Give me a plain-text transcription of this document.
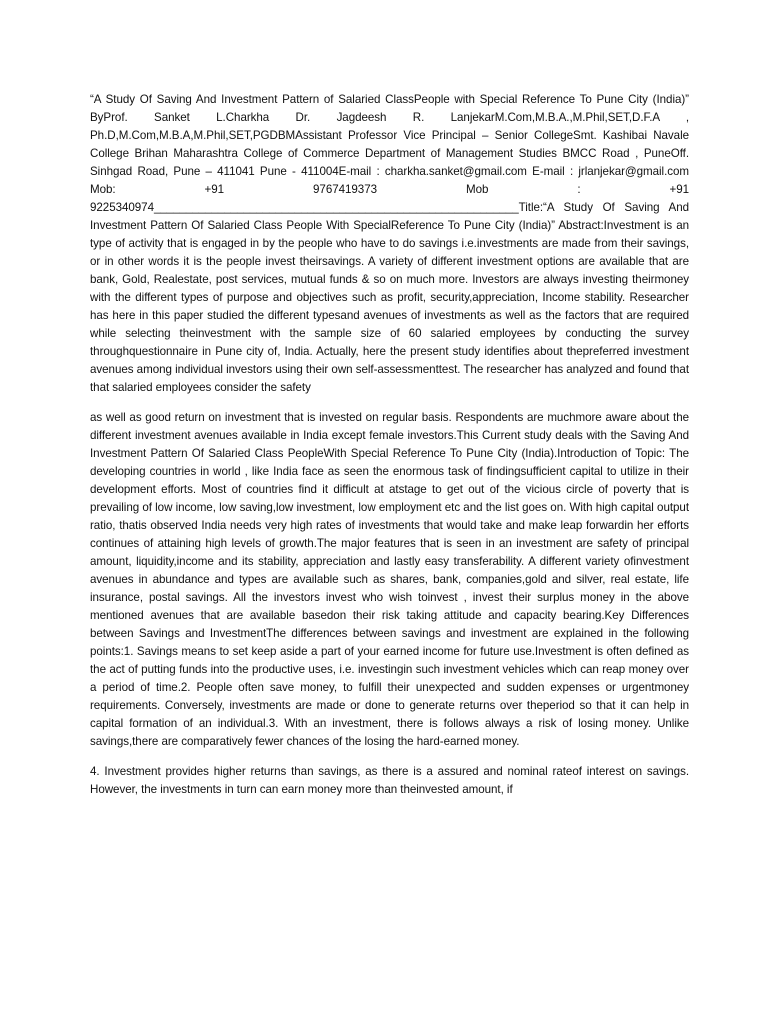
“A Study Of Saving And Investment Pattern of Salaried ClassPeople with Special Reference To Pune City (India)” ByProf. Sanket L.Charkha Dr. Jagdeesh R. LanjekarM.Com,M.B.A.,M.Phil,SET,D.F.A , Ph.D,M.Com,M.B.A,M.Phil,SET,PGDBMAssistant Professor Vice Principal – Senior CollegeSmt. Kashibai Navale College Brihan Maharashtra College of Commerce Department of Management Studies BMCC Road , PuneOff. Sinhgad Road, Pune – 411041 Pune - 411004E-mail : charkha.sanket@gmail.com E-mail : jrlanjekar@gmail.com Mob: +91 9767419373 Mob : +91 9225340974_________________________________________________________Title:“A Study Of Saving And Investment Pattern Of Salaried Class People With SpecialReference To Pune City (India)” Abstract:Investment is an type of activity that is engaged in by the people who have to do savings i.e.investments are made from their savings, or in other words it is the people invest theirsavings. A variety of different investment options are available that are bank, Gold, Realestate, post services, mutual funds & so on much more. Investors are always investing theirmoney with the different types of purpose and objectives such as profit, security,appreciation, Income stability. Researcher has here in this paper studied the different typesand avenues of investments as well as the factors that are required while selecting theinvestment with the sample size of 60 salaried employees by conducting the survey throughquestionnaire in Pune city of, India. Actually, here the present study identifies about thepreferred investment avenues among individual investors using their own self-assessmenttest. The researcher has analyzed and found that that salaried employees consider the safety

as well as good return on investment that is invested on regular basis. Respondents are muchmore aware about the different investment avenues available in India except female investors.This Current study deals with the Saving And Investment Pattern Of Salaried Class PeopleWith Special Reference To Pune City (India).Introduction of Topic: The developing countries in world , like India face as seen the enormous task of findingsufficient capital to utilize in their development efforts. Most of countries find it difficult at atstage to get out of the vicious circle of poverty that is prevailing of low income, low saving,low investment, low employment etc and the list goes on. With high capital output ratio, thatis observed India needs very high rates of investments that would take and make leap forwardin her efforts continues of attaining high levels of growth.The major features that is seen in an investment are safety of principal amount, liquidity,income and its stability, appreciation and lastly easy transferability. A different variety ofinvestment avenues in abundance and types are available such as shares, bank, companies,gold and silver, real estate, life insurance, postal savings. All the investors invest who wish toinvest , invest their surplus money in the above mentioned avenues that are available basedon their risk taking attitude and capacity bearing.Key Differences between Savings and InvestmentThe differences between savings and investment are explained in the following points:1. Savings means to set keep aside a part of your earned income for future use.Investment is often defined as the act of putting funds into the productive uses, i.e. investingin such investment vehicles which can reap money over a period of time.2. People often save money, to fulfill their unexpected and sudden expenses or urgentmoney requirements. Conversely, investments are made or done to generate returns over theperiod so that it can help in capital formation of an individual.3. With an investment, there is follows always a risk of losing money. Unlike savings,there are comparatively fewer chances of the losing the hard-earned money.

4. Investment provides higher returns than savings, as there is a assured and nominal rateof interest on savings. However, the investments in turn can earn money more than theinvested amount, if
